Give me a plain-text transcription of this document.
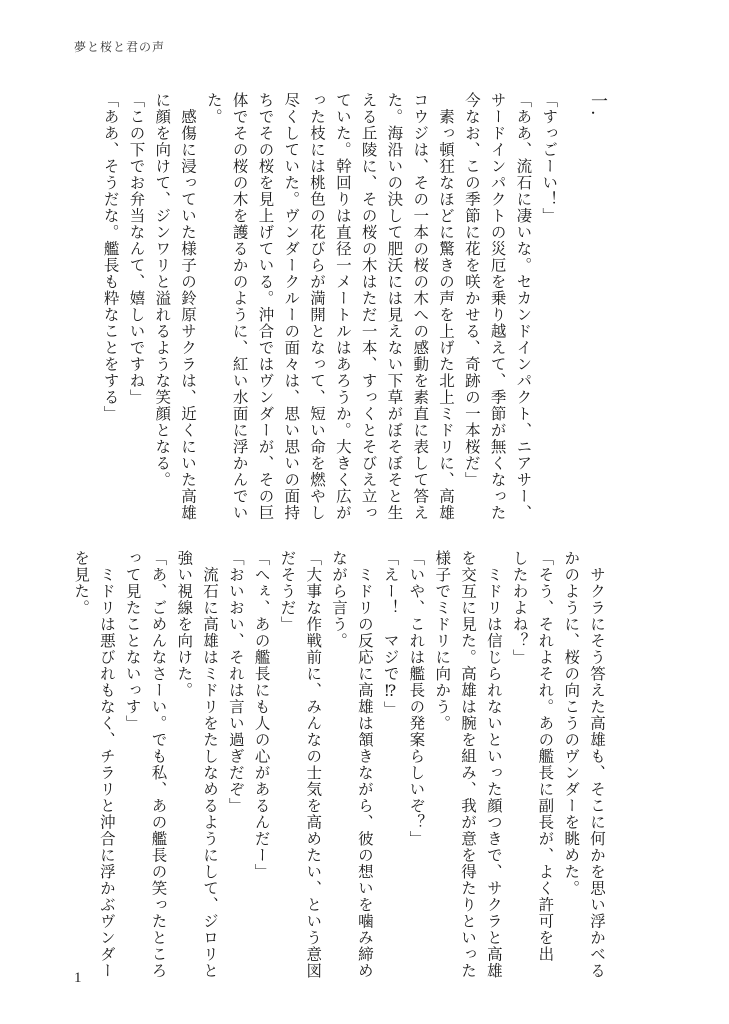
夢と桜と君の声
一.
「すっごーい！」
「ああ、流石に凄いな。セカンドインパクト、ニアサー、
サードインパクトの災厄を乗り越えて、季節が無くなった
今なお、この季節に花を咲かせる、奇跡の一本桜だ」
　素っ頓狂なほどに驚きの声を上げた北上ミドリに、高雄
コウジは、その一本の桜の木への感動を素直に表して答え
た。海沿いの決して肥沃には見えない下草がぼそぼそと生
える丘陵に、その桜の木はただ一本、すっくとそびえ立っ
ていた。幹回りは直径一メートルはあろうか。大きく広が
った枝には桃色の花びらが満開となって、短い命を燃やし
尽くしていた。ヴンダークルーの面々は、思い思いの面持
ちでその桜を見上げている。沖合ではヴンダーが、その巨
体でその桜の木を護るかのように、紅い水面に浮かんでい
た。
　感傷に浸っていた様子の鈴原サクラは、近くにいた高雄
に顔を向けて、ジンワリと溢れるような笑顔となる。
「この下でお弁当なんて、嬉しいですね」
「ああ、そうだな。艦長も粋なことをする」
　サクラにそう答えた高雄も、そこに何かを思い浮かべる
かのように、桜の向こうのヴンダーを眺めた。
「そう、それよそれ。あの艦長に副長が、よく許可を出
したわよね？」
　ミドリは信じられないといった顔つきで、サクラと高雄
を交互に見た。高雄は腕を組み、我が意を得たりといった
様子でミドリに向かう。
「いや、これは艦長の発案らしいぞ？」
「えー！　マジで⁉」
　ミドリの反応に高雄は頷きながら、彼の想いを噛み締め
ながら言う。
「大事な作戦前に、みんなの士気を高めたい、という意図
だそうだ」
「へぇ、あの艦長にも人の心があるんだー」
「おいおい、それは言い過ぎだぞ」
　流石に高雄はミドリをたしなめるようにして、ジロリと
強い視線を向けた。
「あ、ごめんなさーい。でも私、あの艦長の笑ったところ
って見たことないっす」
　ミドリは悪びれもなく、チラリと沖合に浮かぶヴンダー
を見た。
1
